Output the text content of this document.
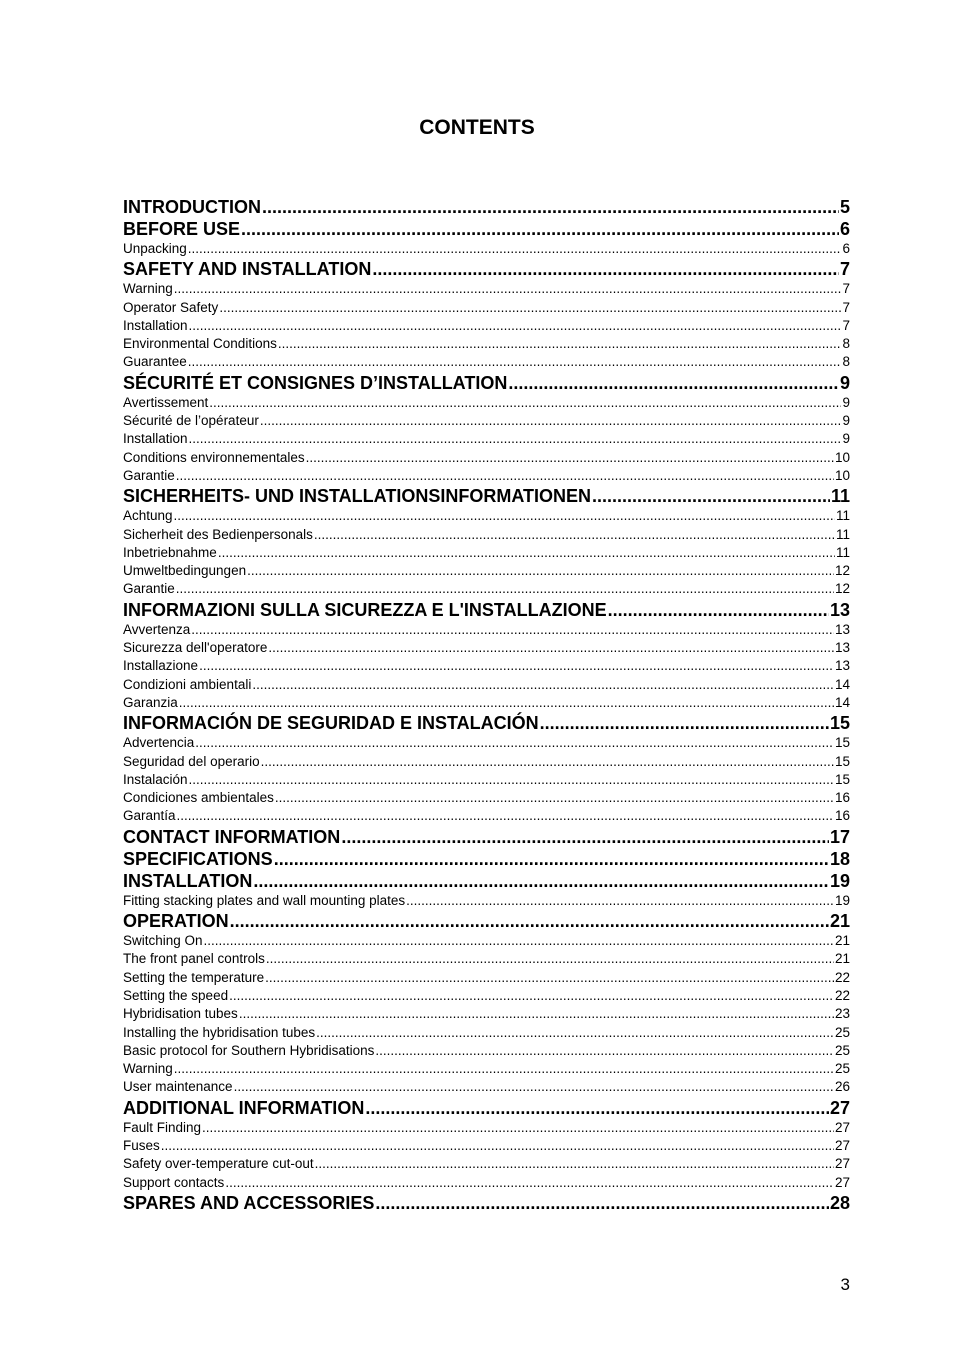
CONTENTS
INTRODUCTION .....	5
BEFORE USE .....	6
Unpacking .....	6
SAFETY AND INSTALLATION .....	7
Warning .....	7
Operator Safety .....	7
Installation .....	7
Environmental Conditions .....	8
Guarantee .....	8
SÉCURITÉ ET CONSIGNES D’INSTALLATION .....	9
Avertissement .....	9
Sécurité de l’opérateur .....	9
Installation .....	9
Conditions environnementales .....	10
Garantie .....	10
SICHERHEITS- UND INSTALLATIONSINFORMATIONEN .....	11
Achtung .....	11
Sicherheit des Bedienpersonals .....	11
Inbetriebnahme .....	11
Umweltbedingungen .....	12
Garantie .....	12
INFORMAZIONI SULLA SICUREZZA E L'INSTALLAZIONE .....	13
Avvertenza .....	13
Sicurezza dell'operatore .....	13
Installazione .....	13
Condizioni ambientali .....	14
Garanzia .....	14
INFORMACIÓN DE SEGURIDAD E INSTALACIÓN .....	15
Advertencia .....	15
Seguridad del operario .....	15
Instalación .....	15
Condiciones ambientales .....	16
Garantía .....	16
CONTACT INFORMATION .....	17
SPECIFICATIONS .....	18
INSTALLATION .....	19
Fitting stacking plates and wall mounting plates .....	19
OPERATION .....	21
Switching On .....	21
The front panel controls .....	21
Setting the temperature .....	22
Setting the speed .....	22
Hybridisation tubes .....	23
Installing the hybridisation tubes .....	25
Basic protocol for Southern Hybridisations .....	25
Warning .....	25
User maintenance .....	26
ADDITIONAL INFORMATION .....	27
Fault Finding .....	27
Fuses .....	27
Safety over-temperature cut-out .....	27
Support contacts .....	27
SPARES AND ACCESSORIES .....	28
3
